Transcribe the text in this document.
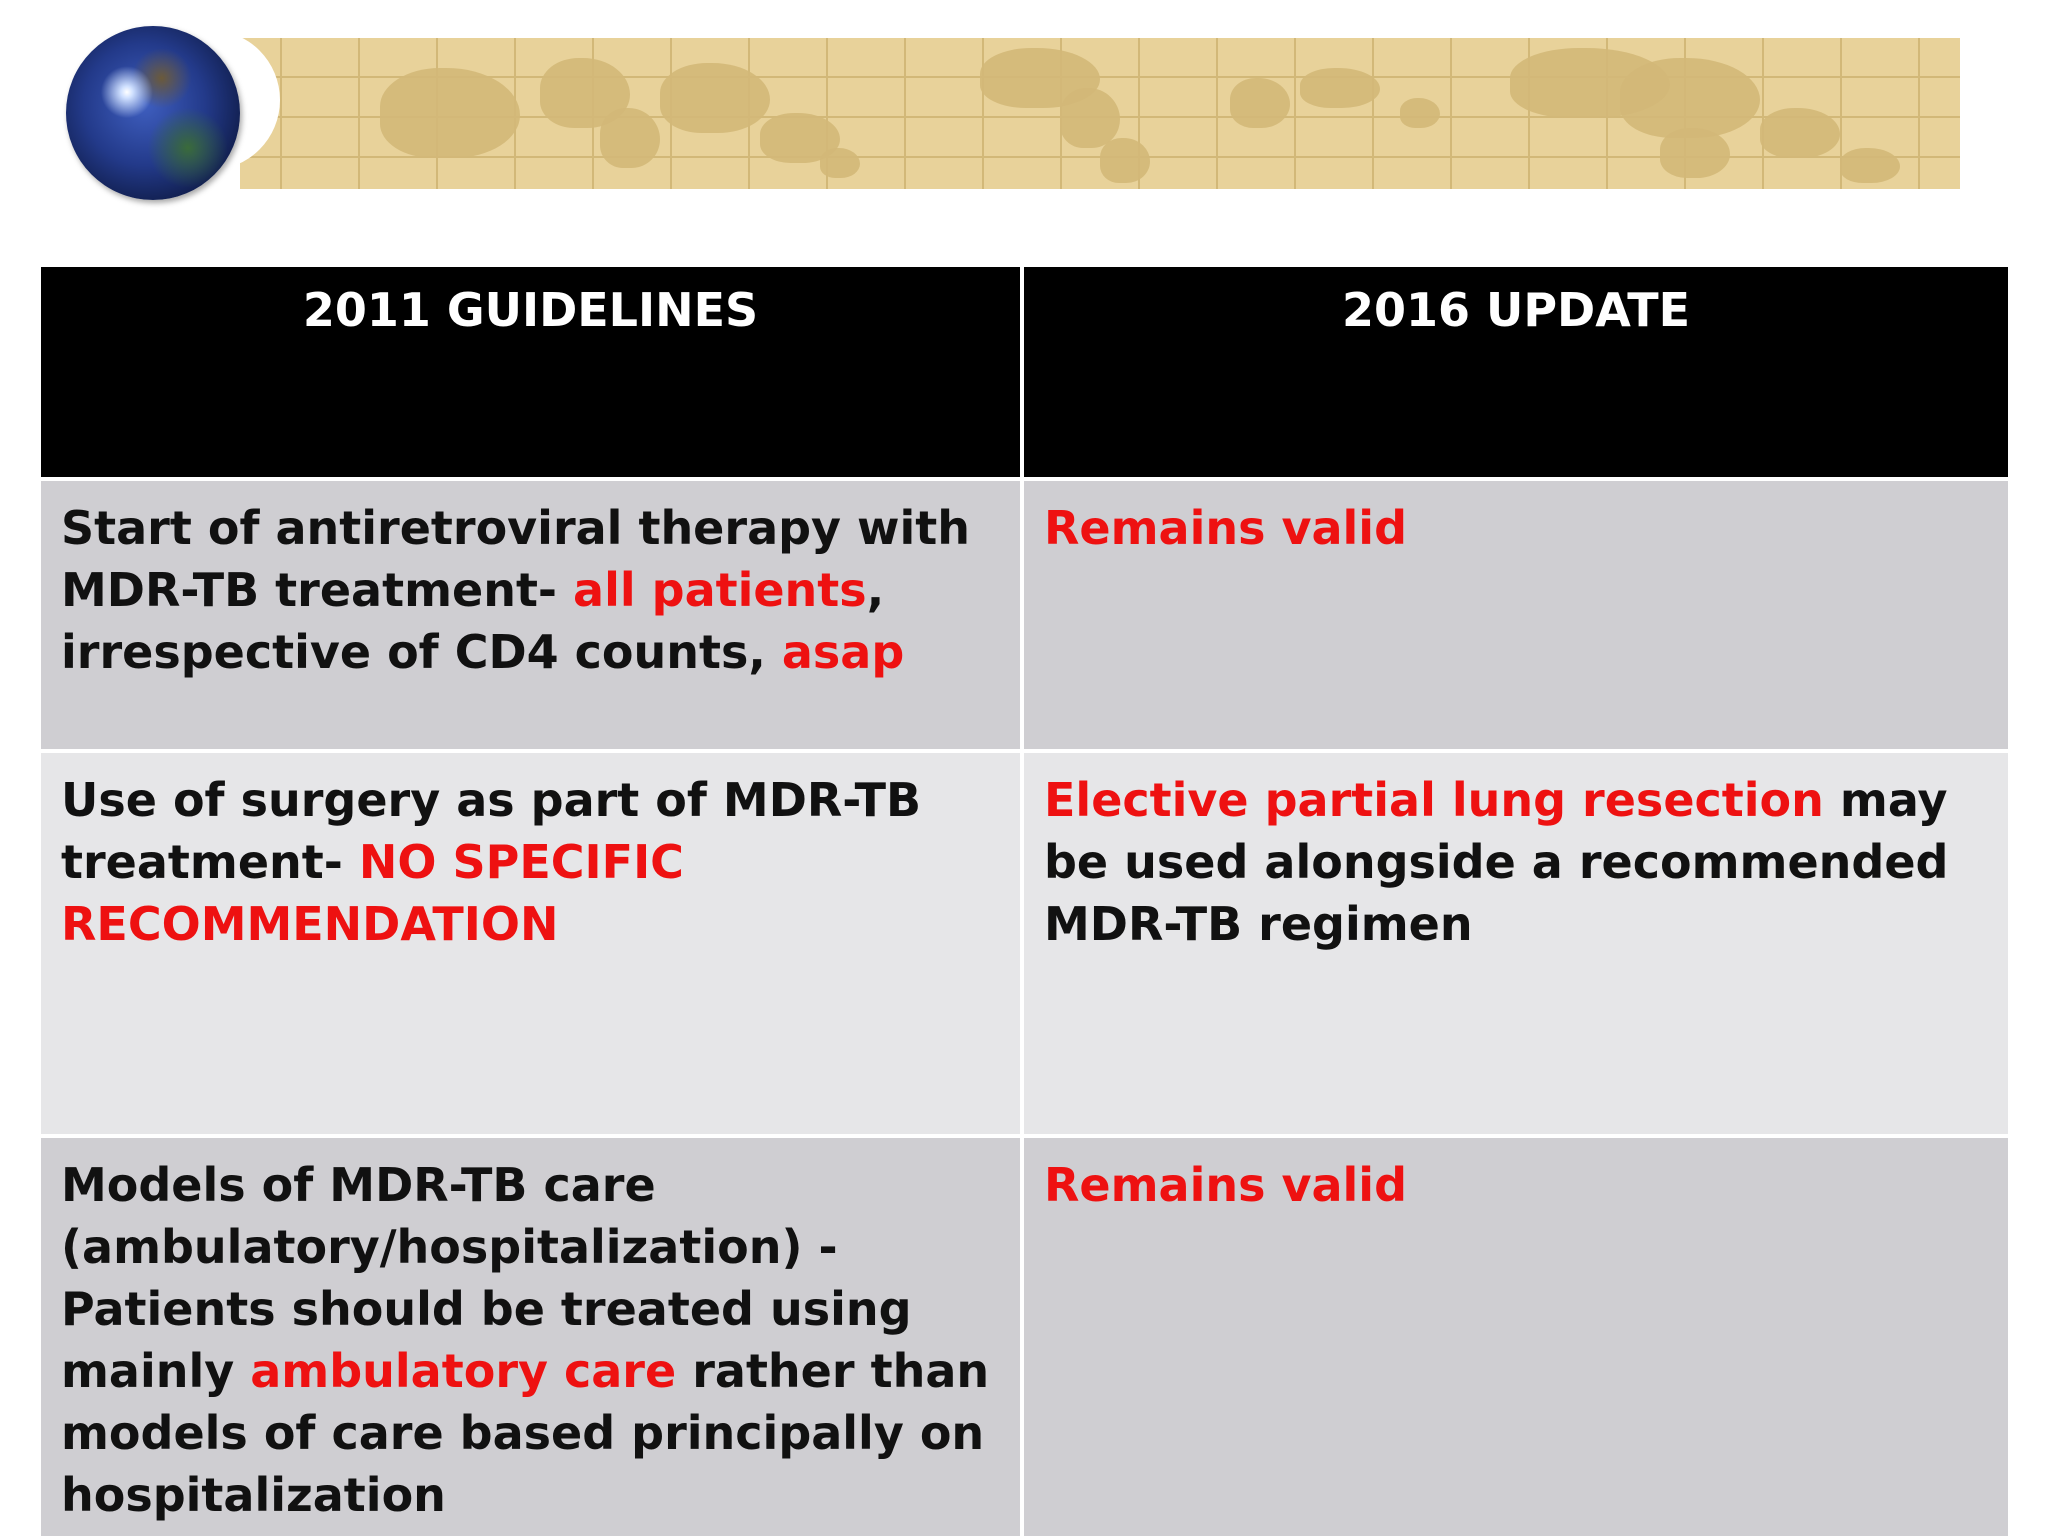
2011 GUIDELINES	2016 UPDATE
Start of antiretroviral therapy with MDR-TB treatment- all patients, irrespective of CD4 counts, asap
Remains valid
Use of surgery as part of MDR-TB treatment- NO SPECIFIC RECOMMENDATION
Elective partial lung resection may be used alongside a recommended MDR-TB regimen
Models of MDR-TB care (ambulatory/hospitalization) - Patients should be treated using mainly ambulatory care rather than models of care based principally on hospitalization
Remains valid
